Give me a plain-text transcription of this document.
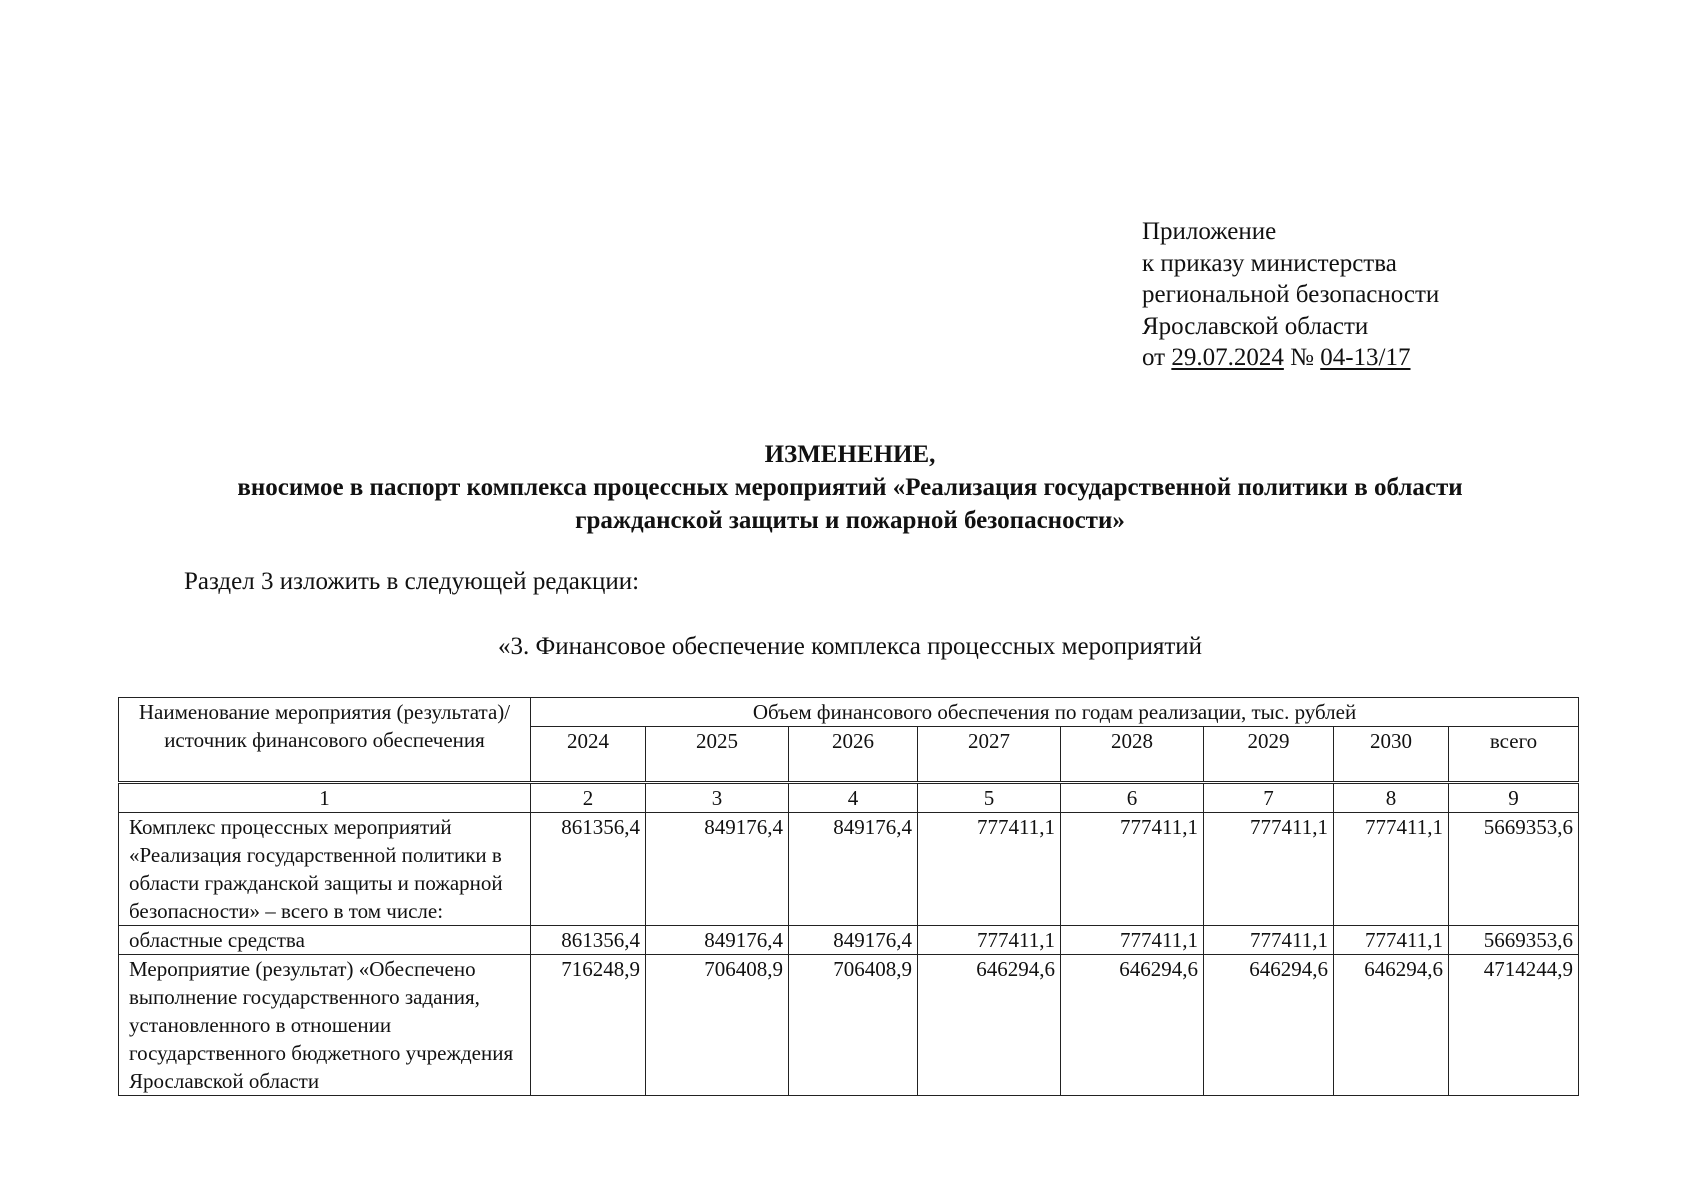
Приложение
к приказу министерства
региональной безопасности
Ярославской области
от 29.07.2024 № 04-13/17
ИЗМЕНЕНИЕ,
вносимое в паспорт комплекса процессных мероприятий «Реализация государственной политики в области
гражданской защиты и пожарной безопасности»
Раздел 3 изложить в следующей редакции:
«3. Финансовое обеспечение комплекса процессных мероприятий
Наименование мероприятия (результата)/ источник финансового обеспечения	Объем финансового обеспечения по годам реализации, тыс. рублей							
	2024	2025	2026	2027	2028	2029	2030	всего
1	2	3	4	5	6	7	8	9
Комплекс процессных мероприятий «Реализация государственной политики в области гражданской защиты и пожарной безопасности» – всего в том числе:	861356,4	849176,4	849176,4	777411,1	777411,1	777411,1	777411,1	5669353,6
областные средства	861356,4	849176,4	849176,4	777411,1	777411,1	777411,1	777411,1	5669353,6
Мероприятие (результат) «Обеспечено выполнение государственного задания, установленного в отношении государственного бюджетного учреждения Ярославской области	716248,9	706408,9	706408,9	646294,6	646294,6	646294,6	646294,6	4714244,9
